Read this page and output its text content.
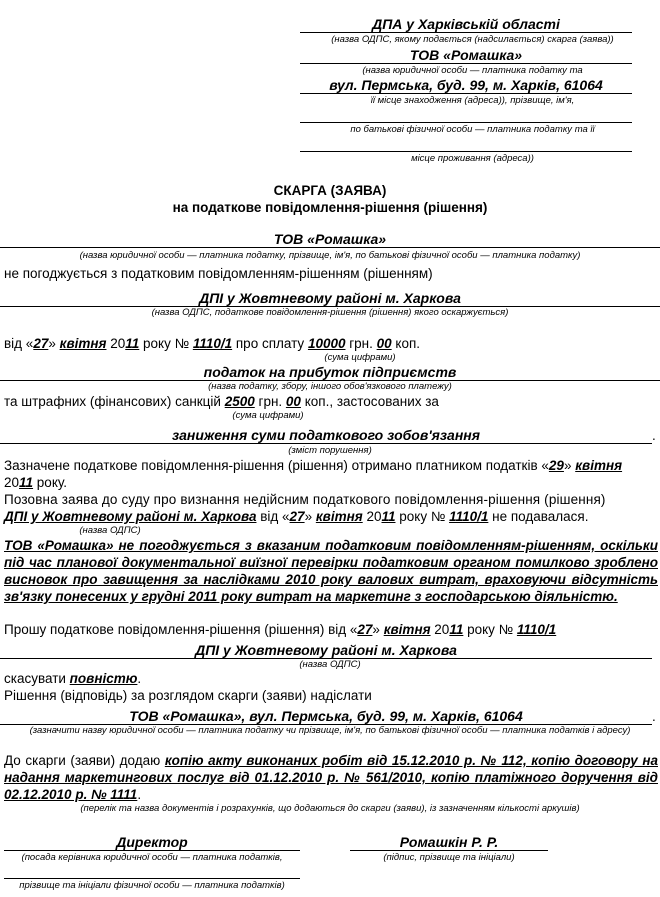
ДПА у Харківській області
(назва ОДПС, якому подається (надсилається) скарга (заява))
ТОВ «Ромашка»
(назва юридичної особи — платника податку та
вул. Пермська, буд. 99, м. Харків, 61064
її місце знаходження (адреса)), прізвище, ім'я,
по батькові фізичної особи — платника податку та її
місце проживання (адреса))
СКАРГА (ЗАЯВА)
на податкове повідомлення-рішення (рішення)
ТОВ «Ромашка»
(назва юридичної особи — платника податку, прізвище, ім'я, по батькові фізичної особи — платника податку)
не погоджується з податковим повідомленням-рішенням (рішенням)
ДПІ у Жовтневому районі м. Харкова
(назва ОДПС, податкове повідомлення-рішення (рішення) якого оскаржується)
від «27» квітня 2011 року № 1110/1 про сплату 10000 грн. 00 коп.
(сума цифрами)
податок на прибуток підприємств
(назва податку, збору, іншого обов'язкового платежу)
та штрафних (фінансових) санкцій 2500 грн. 00 коп., застосованих за
(сума цифрами)
заниження суми податкового зобов'язання	.
(зміст порушення)
Зазначене податкове повідомлення-рішення (рішення) отримано платником податків «29» квітня
2011 року.
Позовна заява до суду про визнання недійсним податкового повідомлення-рішення (рішення)
ДПІ у Жовтневому районі м. Харкова від «27» квітня 2011 року № 1110/1 не подавалася.
(назва ОДПС)
ТОВ «Ромашка» не погоджується з вказаним податковим повідомленням-рішенням, оскільки під час планової документальної виїзної перевірки податковим органом помилково зроблено висновок про завищення за наслідками 2010 року валових витрат, враховуючи відсутність зв'язку понесених у грудні 2011 року витрат на маркетинг з господарською діяльністю.
Прошу податкове повідомлення-рішення (рішення) від «27» квітня 2011 року № 1110/1
ДПІ у Жовтневому районі м. Харкова
(назва ОДПС)
скасувати повністю.
Рішення (відповідь) за розглядом скарги (заяви) надіслати
ТОВ «Ромашка», вул. Пермська, буд. 99, м. Харків, 61064	.
(зазначити назву юридичної особи — платника податку чи прізвище, ім'я, по батькові фізичної особи — платника податків і адресу)
До скарги (заяви) додаю копію акту виконаних робіт від 15.12.2010 р. № 112, копію договору на надання маркетингових послуг від 01.12.2010 р. № 561/2010, копію платіжного доручення від 02.12.2010 р. № 1111.
(перелік та назва документів і розрахунків, що додаються до скарги (заяви), із зазначенням кількості аркушів)
Директор
(посада керівника юридичної особи — платника податків,
Ромашкін Р. Р.
(підпис, прізвище та ініціали)
прізвище та ініціали фізичної особи — платника податків)
